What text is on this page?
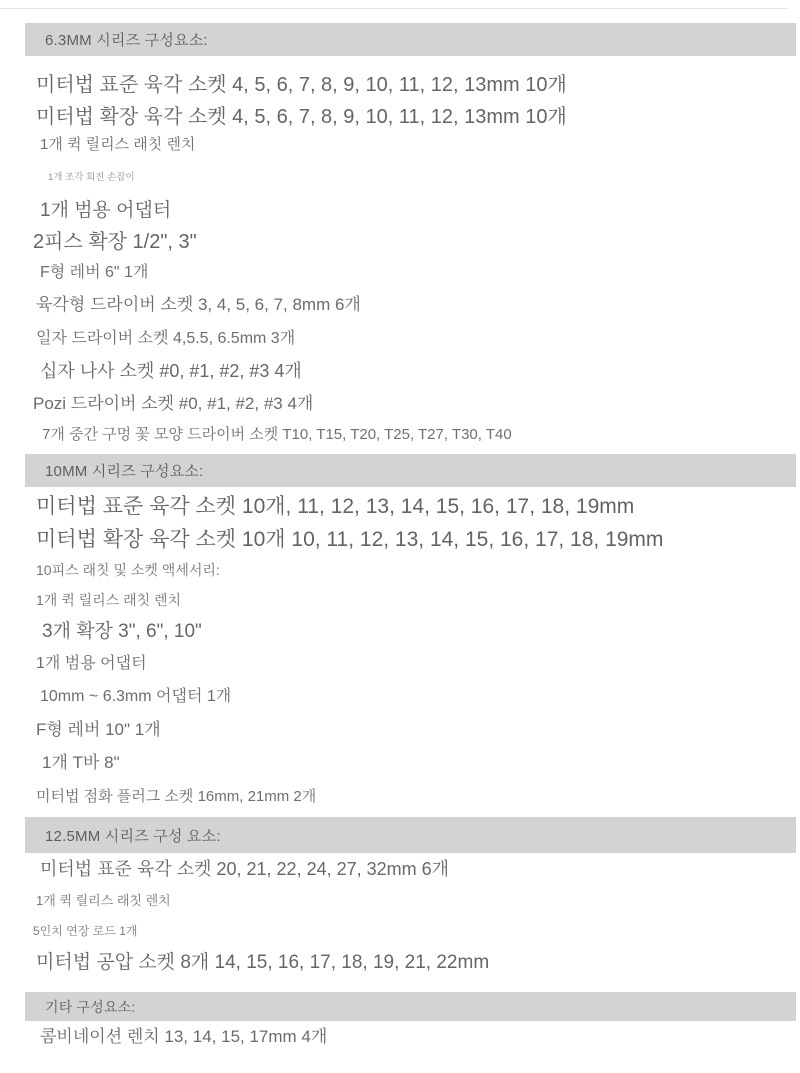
6.3MM 시리즈 구성요소:
미터법 표준 육각 소켓 4, 5, 6, 7, 8, 9, 10, 11, 12, 13mm 10개
미터법 확장 육각 소켓 4, 5, 6, 7, 8, 9, 10, 11, 12, 13mm 10개
1개 퀵 릴리스 래칫 렌치
1개 조각 회전 손잡이
1개 범용 어댑터
2피스 확장 1/2", 3"
F형 레버 6" 1개
육각형 드라이버 소켓 3, 4, 5, 6, 7, 8mm 6개
일자 드라이버 소켓 4,5.5, 6.5mm 3개
십자 나사 소켓 #0, #1, #2, #3 4개
Pozi 드라이버 소켓 #0, #1, #2, #3 4개
7개 중간 구멍 꽃 모양 드라이버 소켓 T10, T15, T20, T25, T27, T30, T40
10MM 시리즈 구성요소:
미터법 표준 육각 소켓 10개, 11, 12, 13, 14, 15, 16, 17, 18, 19mm
미터법 확장 육각 소켓 10개 10, 11, 12, 13, 14, 15, 16, 17, 18, 19mm
10피스 래칫 및 소켓 액세서리:
1개 퀵 릴리스 래칫 렌치
3개 확장 3", 6", 10"
1개 범용 어댑터
10mm ~ 6.3mm 어댑터 1개
F형 레버 10" 1개
1개 T바 8"
미터법 점화 플러그 소켓 16mm, 21mm 2개
12.5MM 시리즈 구성 요소:
미터법 표준 육각 소켓 20, 21, 22, 24, 27, 32mm 6개
1개 퀵 릴리스 래칫 렌치
5인치 연장 로드 1개
미터법 공압 소켓 8개 14, 15, 16, 17, 18, 19, 21, 22mm
기타 구성요소:
콤비네이션 렌치 13, 14, 15, 17mm 4개
